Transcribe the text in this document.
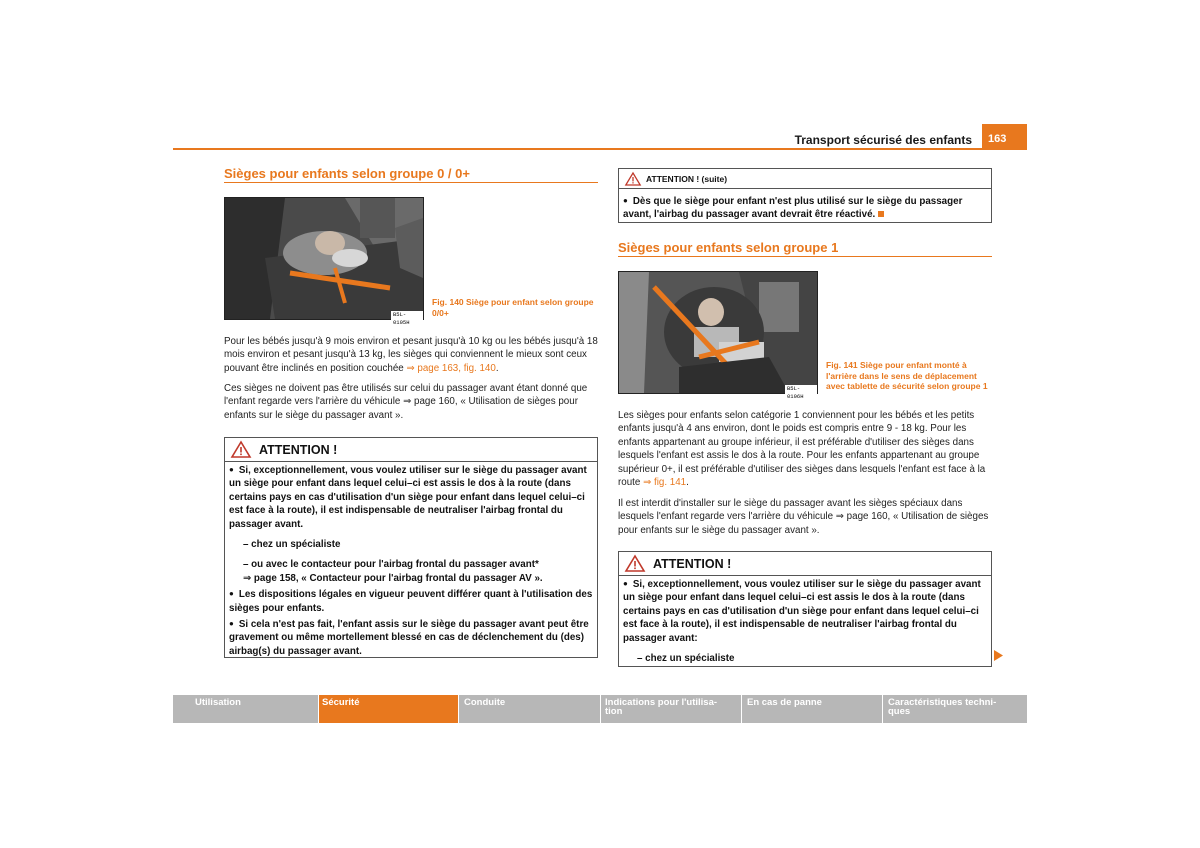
Transport sécurisé des enfants	163
Sièges pour enfants selon groupe 0 / 0+
B5L-0105H
Fig. 140 Siège pour enfant selon groupe 0/0+
Pour les bébés jusqu'à 9 mois environ et pesant jusqu'à 10 kg ou les bébés jusqu'à 18 mois environ et pesant jusqu'à 13 kg, les sièges qui conviennent le mieux sont ceux pouvant être inclinés en position couchée ⇒ page 163, fig. 140.
Ces sièges ne doivent pas être utilisés sur celui du passager avant étant donné que l'enfant regarde vers l'arrière du véhicule ⇒ page 160, « Utilisation de sièges pour enfants sur le siège du passager avant ».
ATTENTION !

● Si, exceptionnellement, vous voulez utiliser sur le siège du passager avant un siège pour enfant dans lequel celui–ci est assis le dos à la route (dans certains pays en cas d'utilisation d'un siège pour enfant dans lequel celui–ci est face à la route), il est indispensable de neutraliser l'airbag frontal du passager avant.

– chez un spécialiste

– ou avec le contacteur pour l'airbag frontal du passager avant*

⇒ page 158, « Contacteur pour l'airbag frontal du passager AV ».

● Les dispositions légales en vigueur peuvent différer quant à l'utilisation des sièges pour enfants.

● Si cela n'est pas fait, l'enfant assis sur le siège du passager avant peut être gravement ou même mortellement blessé en cas de déclenchement du (des) airbag(s) du passager avant.

ATTENTION ! (suite)

● Dès que le siège pour enfant n'est plus utilisé sur le siège du passager avant, l'airbag du passager avant devrait être réactivé.

Sièges pour enfants selon groupe 1
B5L-0106H
Fig. 141 Siège pour enfant monté à l'arrière dans le sens de déplacement avec tablette de sécurité selon groupe 1
Les sièges pour enfants selon catégorie 1 conviennent pour les bébés et les petits enfants jusqu'à 4 ans environ, dont le poids est compris entre 9 - 18 kg. Pour les enfants appartenant au groupe inférieur, il est préférable d'utiliser des sièges dans lesquels l'enfant est assis le dos à la route. Pour les enfants appartenant au groupe supérieur 0+, il est préférable d'utiliser des sièges dans lesquels l'enfant est face à la route ⇒ fig. 141.
Il est interdit d'installer sur le siège du passager avant les sièges spéciaux dans lesquels l'enfant regarde vers l'arrière du véhicule ⇒ page 160, « Utilisation de sièges pour enfants sur le siège du passager avant ».
ATTENTION !

● Si, exceptionnellement, vous voulez utiliser sur le siège du passager avant un siège pour enfant dans lequel celui–ci est assis le dos à la route (dans certains pays en cas d'utilisation d'un siège pour enfant dans lequel celui–ci est face à la route), il est indispensable de neutraliser l'airbag frontal du passager avant:

– chez un spécialiste

Utilisation	Sécurité	Conduite	Indications pour l'utilisa-
tion
En cas de panne	Caractéristiques techni-
ques
